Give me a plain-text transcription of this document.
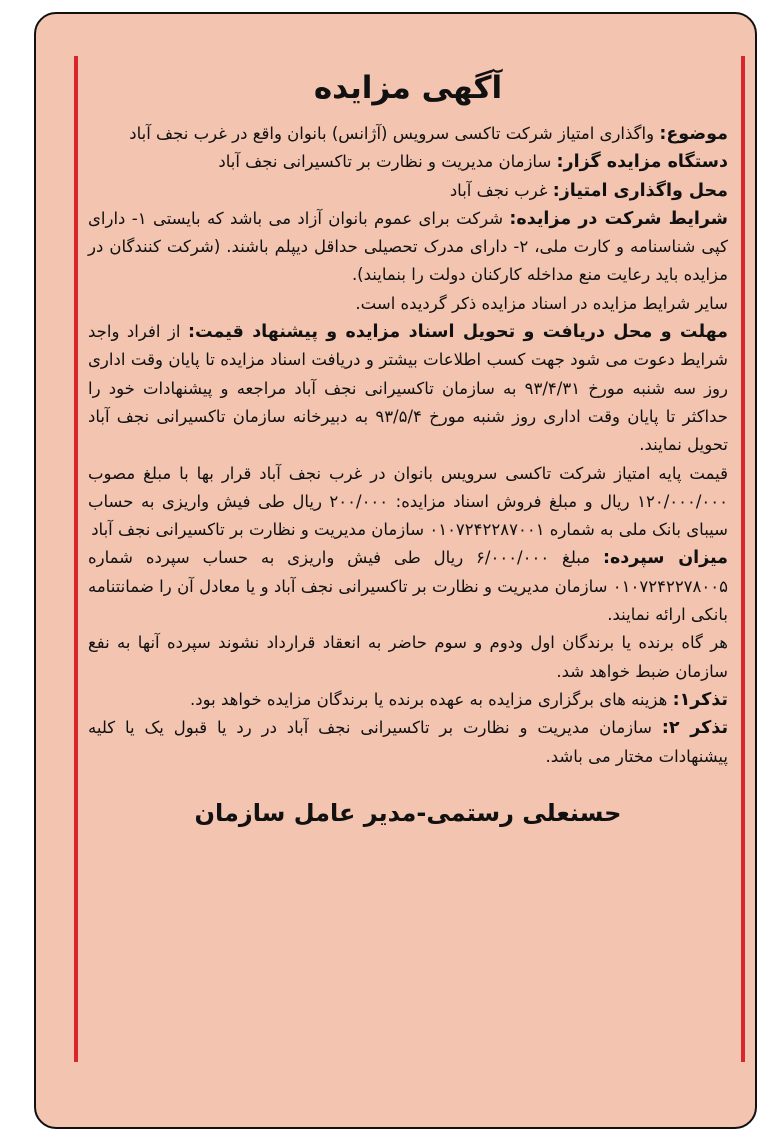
آگهی مزایده

موضوع: واگذاری امتیاز شرکت تاکسی سرویس (آژانس) بانوان واقع در غرب نجف آباد

دستگاه مزایده گزار: سازمان مدیریت و نظارت بر تاکسیرانی نجف آباد

محل واگذاری امتیاز: غرب نجف آباد

شرایط شرکت در مزایده: شرکت برای عموم بانوان آزاد می باشد که بایستی ۱- دارای کپی شناسنامه و کارت ملی، ۲- دارای مدرک تحصیلی حداقل دیپلم باشند. (شرکت کنندگان در مزایده باید رعایت منع مداخله کارکنان دولت را بنمایند).

سایر شرایط مزایده در اسناد مزایده ذکر گردیده است.

مهلت و محل دریافت و تحویل اسناد مزایده و پیشنهاد قیمت: از افراد واجد شرایط دعوت می شود جهت کسب اطلاعات بیشتر و دریافت اسناد مزایده تا پایان وقت اداری روز سه شنبه مورخ ۹۳/۴/۳۱ به سازمان تاکسیرانی نجف آباد مراجعه و پیشنهادات خود را حداکثر تا پایان وقت اداری روز شنبه مورخ ۹۳/۵/۴ به دبیرخانه سازمان تاکسیرانی نجف آباد تحویل نمایند.

قیمت پایه امتیاز شرکت تاکسی سرویس بانوان در غرب نجف آباد قرار بها با مبلغ مصوب ۱۲۰/۰۰۰/۰۰۰ ریال و مبلغ فروش اسناد مزایده: ۲۰۰/۰۰۰ ریال طی فیش واریزی به حساب سیبای بانک ملی به شماره ۰۱۰۷۲۴۲۲۸۷۰۰۱ سازمان مدیریت و نظارت بر تاکسیرانی نجف آباد

میزان سپرده: مبلغ ۶/۰۰۰/۰۰۰ ریال طی فیش واریزی به حساب سپرده شماره ۰۱۰۷۲۴۲۲۷۸۰۰۵ سازمان مدیریت و نظارت بر تاکسیرانی نجف آباد و یا معادل آن را ضمانتنامه بانکی ارائه نمایند.

هر گاه برنده یا برندگان اول ودوم و سوم حاضر به انعقاد قرارداد نشوند سپرده آنها به نفع سازمان ضبط خواهد شد.

تذکر۱: هزینه های برگزاری مزایده به عهده برنده یا برندگان مزایده خواهد بود.

تذکر ۲: سازمان مدیریت و نظارت بر تاکسیرانی نجف آباد در رد یا قبول یک یا کلیه پیشنهادات مختار می باشد.

حسنعلی رستمی-مدیر عامل سازمان
